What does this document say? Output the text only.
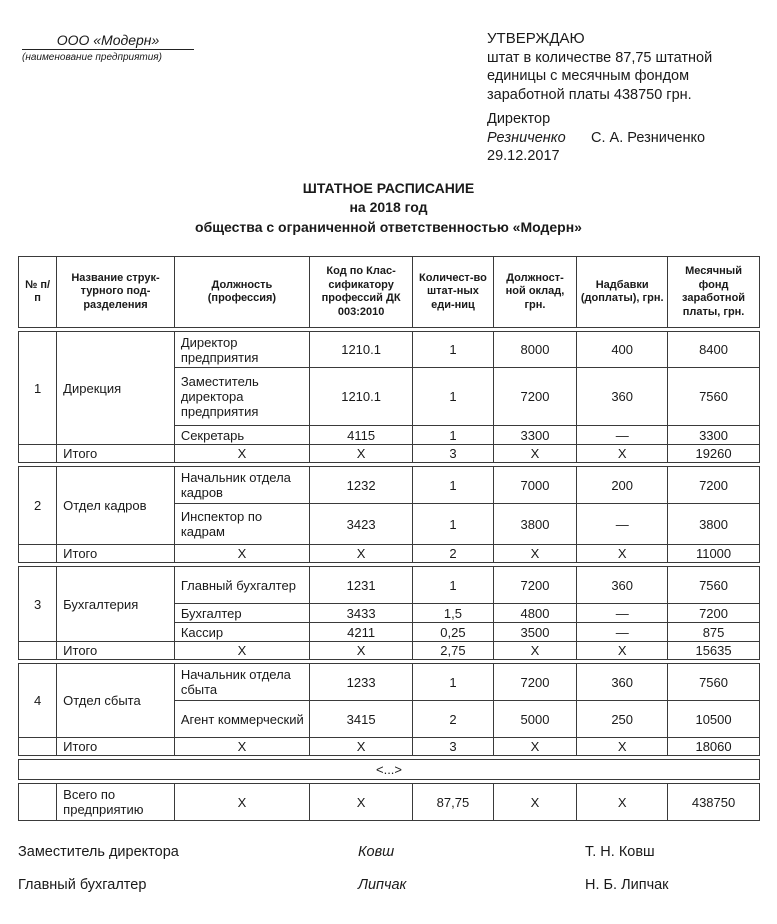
ООО «Модерн»
(наименование предприятия)
УТВЕРЖДАЮ
штат в количестве 87,75 штатной
единицы с месячным фондом
заработной платы 438750 грн.
Директор
Резниченко С. А. Резниченко
29.12.2017
ШТАТНОЕ РАСПИСАНИЕ
на 2018 год
общества с ограниченной ответственностью «Модерн»
№ п/п	Название струк-турного под-разделения	Должность (профессия)	Код по Клас-сификатору профессий ДК 003:2010	Количест-во штат-ных еди-ниц	Должност-ной оклад, грн.	Надбавки (доплаты), грн.	Месячный фонд заработной платы, грн.

1	Дирекция	Директор предприятия	1210.1	1	8000	400	8400
		Заместитель директора предприятия	1210.1	1	7200	360	7560
		Секретарь	4115	1	3300	—	3300
	Итого	Х	Х	3	Х	Х	19260

2	Отдел кадров	Начальник отдела кадров	1232	1	7000	200	7200
		Инспектор по кадрам	3423	1	3800	—	3800
	Итого	Х	Х	2	Х	Х	11000

3	Бухгалтерия	Главный бухгалтер	1231	1	7200	360	7560
		Бухгалтер	3433	1,5	4800	—	7200
		Кассир	4211	0,25	3500	—	875
	Итого	Х	Х	2,75	Х	Х	15635

4	Отдел сбыта	Начальник отдела сбыта	1233	1	7200	360	7560
		Агент коммерческий	3415	2	5000	250	10500
	Итого	Х	Х	3	Х	Х	18060

<...>							

	Всего по предприятию	Х	Х	87,75	Х	Х	438750
Заместитель директора	Ковш	Т. Н. Ковш
Главный бухгалтер	Липчак	Н. Б. Липчак
